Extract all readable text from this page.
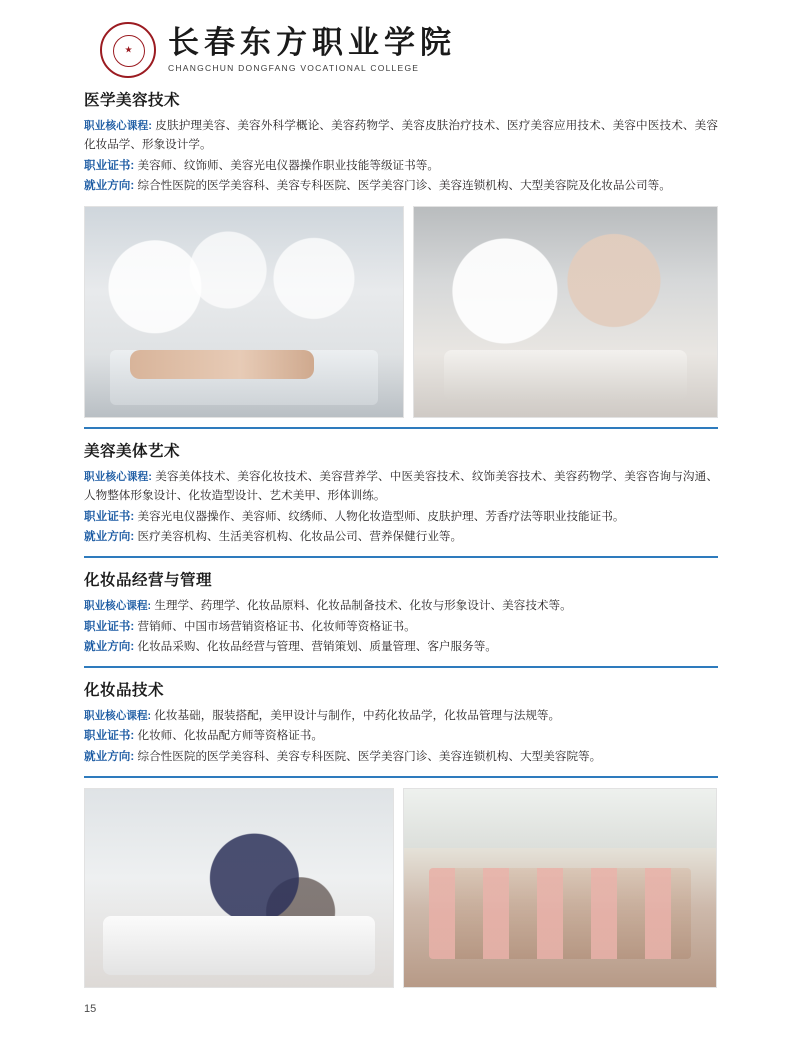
★	长春东方职业学院
CHANGCHUN DONGFANG VOCATIONAL COLLEGE
医学美容技术

职业核心课程: 皮肤护理美容、美容外科学概论、美容药物学、美容皮肤治疗技术、医疗美容应用技术、美容中医技术、美容化妆品学、形象设计学。

职业证书: 美容师、纹饰师、美容光电仪器操作职业技能等级证书等。

就业方向: 综合性医院的医学美容科、美容专科医院、医学美容门诊、美容连锁机构、大型美容院及化妆品公司等。

美容美体艺术

职业核心课程: 美容美体技术、美容化妆技术、美容营养学、中医美容技术、纹饰美容技术、美容药物学、美容咨询与沟通、人物整体形象设计、化妆造型设计、艺术美甲、形体训练。

职业证书: 美容光电仪器操作、美容师、纹绣师、人物化妆造型师、皮肤护理、芳香疗法等职业技能证书。

就业方向: 医疗美容机构、生活美容机构、化妆品公司、营养保健行业等。

化妆品经营与管理

职业核心课程: 生理学、药理学、化妆品原料、化妆品制备技术、化妆与形象设计、美容技术等。

职业证书: 营销师、中国市场营销资格证书、化妆师等资格证书。

就业方向: 化妆品采购、化妆品经营与管理、营销策划、质量管理、客户服务等。

化妆品技术

职业核心课程: 化妆基础，服装搭配，美甲设计与制作，中药化妆品学，化妆品管理与法规等。

职业证书: 化妆师、化妆品配方师等资格证书。

就业方向: 综合性医院的医学美容科、美容专科医院、医学美容门诊、美容连锁机构、大型美容院等。

15
